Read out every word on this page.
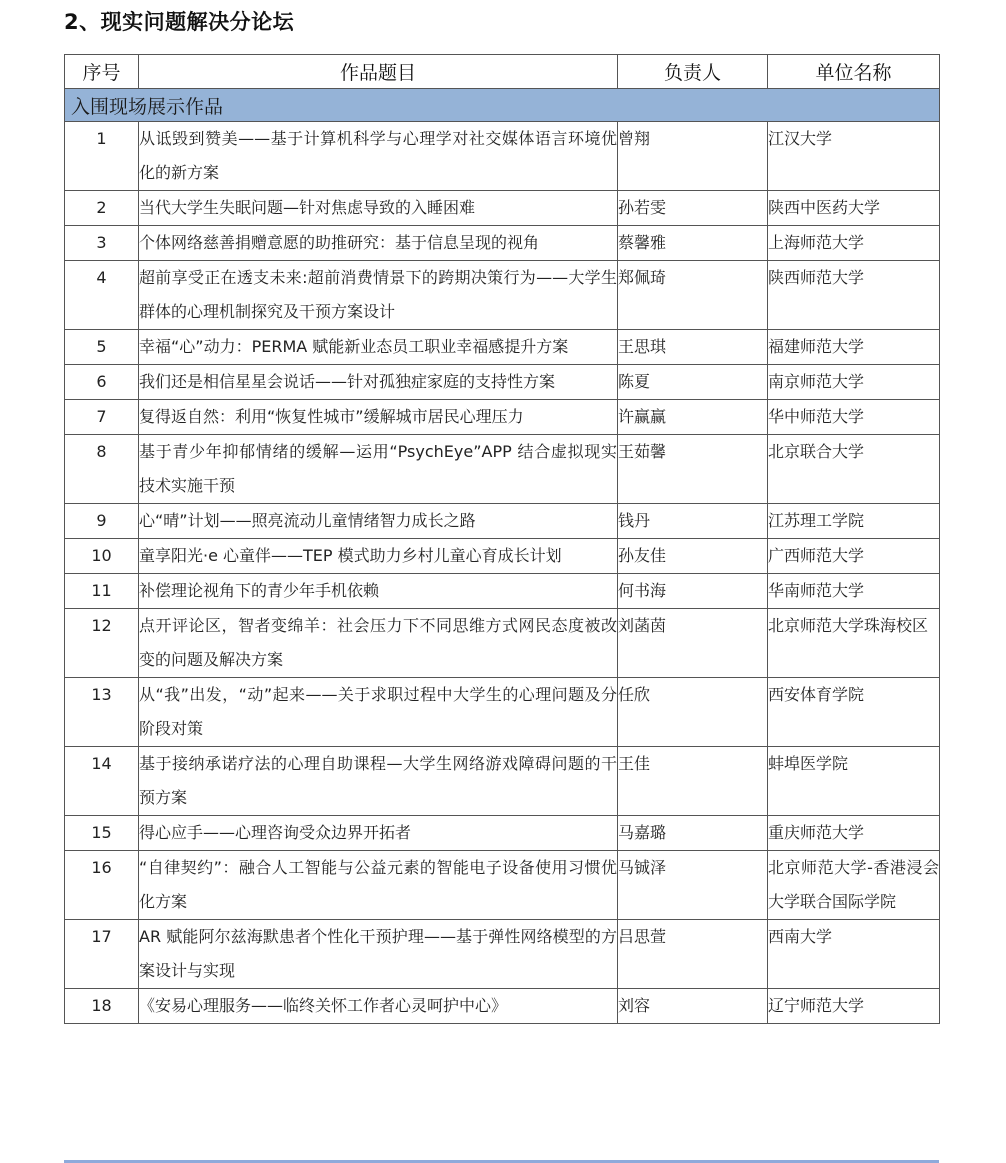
2、现实问题解决分论坛
序号	作品题目	负责人	单位名称
入围现场展示作品			
1	从诋毁到赞美——基于计算机科学与心理学对社交媒体语言环境优化的新方案	曾翔	江汉大学
2	当代大学生失眠问题—针对焦虑导致的入睡困难	孙若雯	陕西中医药大学
3	个体网络慈善捐赠意愿的助推研究：基于信息呈现的视角	蔡馨雅	上海师范大学
4	超前享受正在透支未来:超前消费情景下的跨期决策行为——大学生群体的心理机制探究及干预方案设计	郑佩琦	陕西师范大学
5	幸福“心”动力：PERMA 赋能新业态员工职业幸福感提升方案	王思琪	福建师范大学
6	我们还是相信星星会说话——针对孤独症家庭的支持性方案	陈夏	南京师范大学
7	复得返自然：利用“恢复性城市”缓解城市居民心理压力	许赢赢	华中师范大学
8	基于青少年抑郁情绪的缓解—运用“PsychEye”APP 结合虚拟现实技术实施干预	王茹馨	北京联合大学
9	心“晴”计划——照亮流动儿童情绪智力成长之路	钱丹	江苏理工学院
10	童享阳光·e 心童伴——TEP 模式助力乡村儿童心育成长计划	孙友佳	广西师范大学
11	补偿理论视角下的青少年手机依赖	何书海	华南师范大学
12	点开评论区，智者变绵羊：社会压力下不同思维方式网民态度被改变的问题及解决方案	刘菡茵	北京师范大学珠海校区
13	从“我”出发，“动”起来——关于求职过程中大学生的心理问题及分阶段对策	任欣	西安体育学院
14	基于接纳承诺疗法的心理自助课程—大学生网络游戏障碍问题的干预方案	王佳	蚌埠医学院
15	得心应手——心理咨询受众边界开拓者	马嘉璐	重庆师范大学
16	“自律契约”：融合人工智能与公益元素的智能电子设备使用习惯优化方案	马铖泽	北京师范大学-香港浸会大学联合国际学院
17	AR 赋能阿尔兹海默患者个性化干预护理——基于弹性网络模型的方案设计与实现	吕思萱	西南大学
18	《安易心理服务——临终关怀工作者心灵呵护中心》	刘容	辽宁师范大学
